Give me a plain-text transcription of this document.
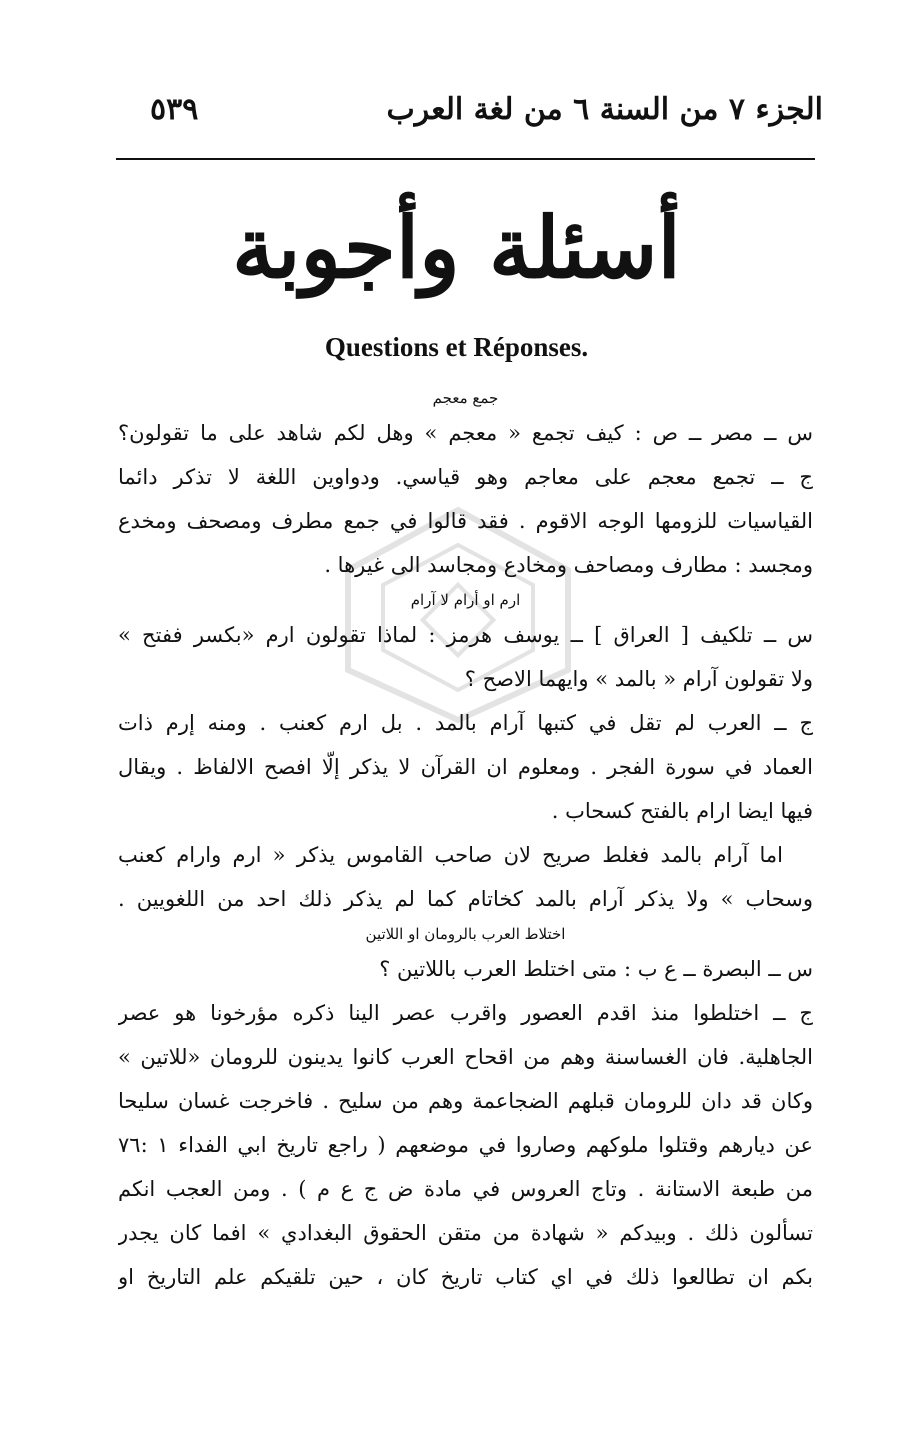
الجزء ٧ من السنة ٦ من لغة العرب
٥٣٩
أسئلة وأجوبة
Questions et Réponses.
جمع معجم
س ــ مصر ــ ص : كيف تجمع « معجم » وهل لكم شاهد على ما تقولون؟
ج ــ تجمع معجم على معاجم وهو قياسي. ودواوين اللغة لا تذكر دائما
القياسيات للزومها الوجه الاقوم . فقد قالوا في جمع مطرف ومصحف ومخدع
ومجسد : مطارف ومصاحف ومخادع ومجاسد الى غيرها .
ارم او أرام لا آرام
س ــ تلكيف [ العراق ] ــ يوسف هرمز : لماذا تقولون ارم «بكسر ففتح »
ولا تقولون آرام « بالمد » وايهما الاصح ؟
ج ــ العرب لم تقل في كتبها آرام بالمد . بل ارم كعنب . ومنه إرم ذات
العماد في سورة الفجر . ومعلوم ان القرآن لا يذكر إلّا افصح الالفاظ . ويقال
فيها ايضا ارام بالفتح كسحاب .
اما آرام بالمد فغلط صريح لان صاحب القاموس يذكر « ارم وارام كعنب
وسحاب » ولا يذكر آرام بالمد كخاتام كما لم يذكر ذلك احد من اللغويين .
اختلاط العرب بالرومان او اللاتين
س ــ البصرة ــ ع ب : متى اختلط العرب باللاتين ؟
ج ــ اختلطوا منذ اقدم العصور واقرب عصر الينا ذكره مؤرخونا هو عصر
الجاهلية. فان الغساسنة وهم من اقحاح العرب كانوا يدينون للرومان «للاتين »
وكان قد دان للرومان قبلهم الضجاعمة وهم من سليح . فاخرجت غسان سليحا
عن ديارهم وقتلوا ملوكهم وصاروا في موضعهم ( راجع تاريخ ابي الفداء ١ :٧٦
من طبعة الاستانة . وتاج العروس في مادة ض ج ع م ) . ومن العجب انكم
تسألون ذلك . وبيدكم « شهادة من متقن الحقوق البغدادي » افما كان يجدر
بكم ان تطالعوا ذلك في اي كتاب تاريخ كان ، حين تلقيكم علم التاريخ او
